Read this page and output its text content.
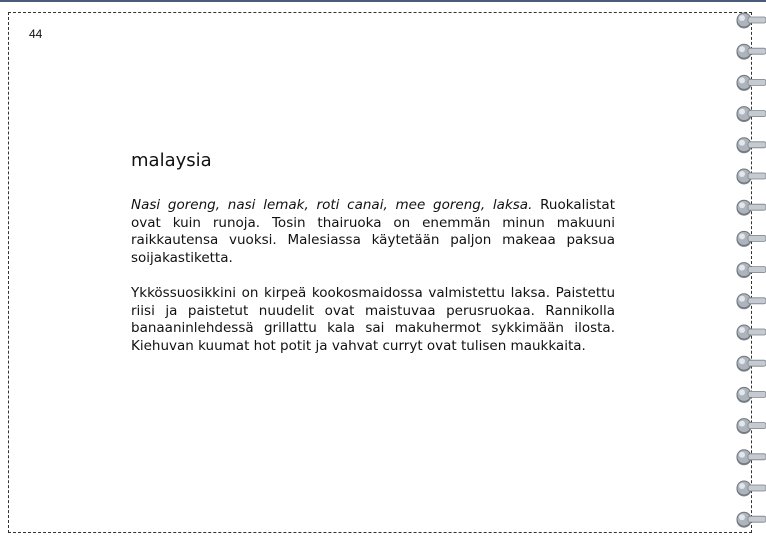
44
malaysia

Nasi goreng, nasi lemak, roti canai, mee goreng, laksa. Ruokalistat ovat kuin runoja. Tosin thairuoka on enemmän minun makuuni raikkautensa vuoksi. Malesiassa käytetään paljon makeaa paksua soijakastiketta.

Ykkössuosikkini on kirpeä kookosmaidossa valmistettu laksa. Paistettu riisi ja paistetut nuudelit ovat maistuvaa perusruokaa. Rannikolla banaaninlehdessä grillattu kala sai makuhermot sykkimään ilosta. Kiehuvan kuumat hot potit ja vahvat curryt ovat tulisen maukkaita.
